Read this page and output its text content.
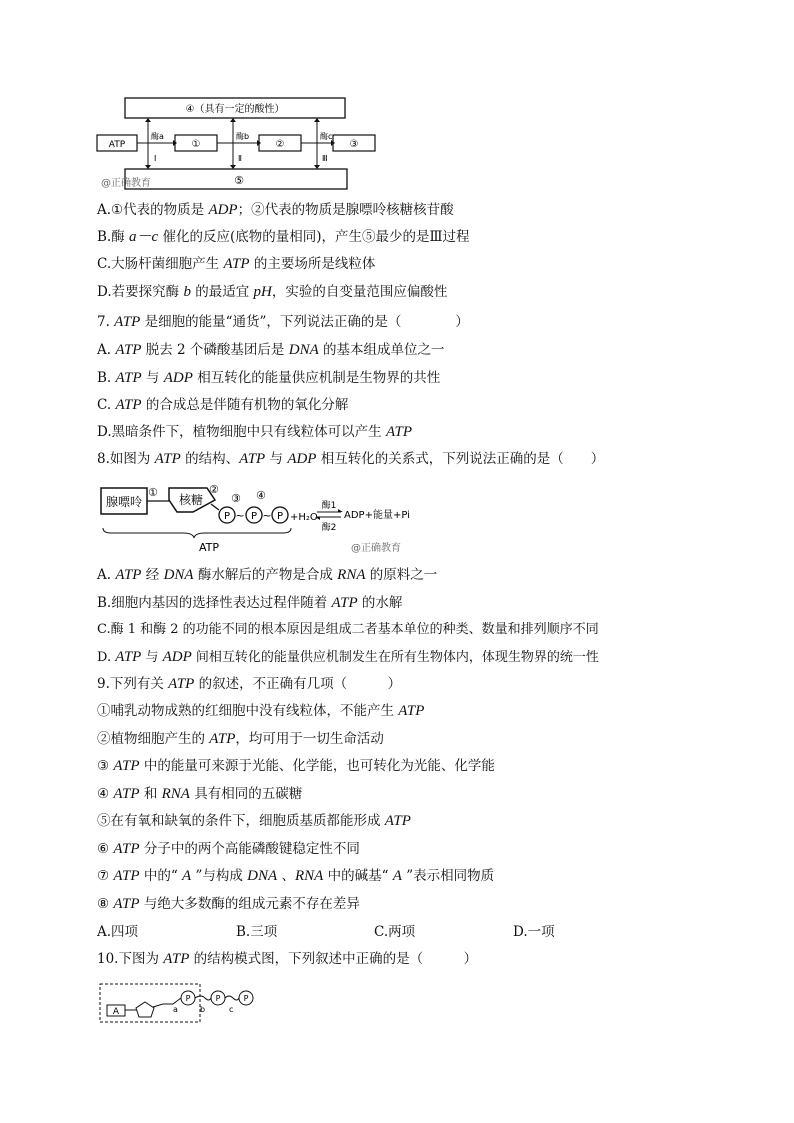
④（具有一定的酸性）
ATP	①	②	③
⑤
@正确教育
酶a	酶b	酶c
Ⅰ	Ⅱ	Ⅲ
A.①代表的物质是 ADP；②代表的物质是腺嘌呤核糖核苷酸
B.酶 a－c 催化的反应(底物的量相同)，产生⑤最少的是Ⅲ过程
C.大肠杆菌细胞产生 ATP 的主要场所是线粒体
D.若要探究酶 b 的最适宜 pH，实验的自变量范围应偏酸性
7. ATP 是细胞的能量“通货”，下列说法正确的是（　　　　）
A. ATP 脱去 2 个磷酸基团后是 DNA 的基本组成单位之一
B. ATP 与 ADP 相互转化的能量供应机制是生物界的共性
C. ATP 的合成总是伴随有机物的氧化分解
D.黑暗条件下，植物细胞中只有线粒体可以产生 ATP
8.如图为 ATP 的结构、ATP 与 ADP 相互转化的关系式，下列说法正确的是（　　）
腺嘌呤
①
核糖
②
P ~
③
P ~
④
P +H₂O
酶1
酶2
ADP+能量+Pi
ATP	@正确教育
A. ATP 经 DNA 酶水解后的产物是合成 RNA 的原料之一
B.细胞内基因的选择性表达过程伴随着 ATP 的水解
C.酶 1 和酶 2 的功能不同的根本原因是组成二者基本单位的种类、数量和排列顺序不同
D. ATP 与 ADP 间相互转化的能量供应机制发生在所有生物体内，体现生物界的统一性
9.下列有关 ATP 的叙述，不正确有几项（　　　）
①哺乳动物成熟的红细胞中没有线粒体，不能产生 ATP
②植物细胞产生的 ATP，均可用于一切生命活动
③ ATP 中的能量可来源于光能、化学能，也可转化为光能、化学能
④ ATP 和 RNA 具有相同的五碳糖
⑤在有氧和缺氧的条件下，细胞质基质都能形成 ATP
⑥ ATP 分子中的两个高能磷酸键稳定性不同
⑦ ATP 中的“ A ”与构成 DNA 、RNA 中的碱基“ A ”表示相同物质
⑧ ATP 与绝大多数酶的组成元素不存在差异
A.四项	B.三项	C.两项	D.一项
10.下图为 ATP 的结构模式图，下列叙述中正确的是（　　　）
A	a
P
b
P
c
P
